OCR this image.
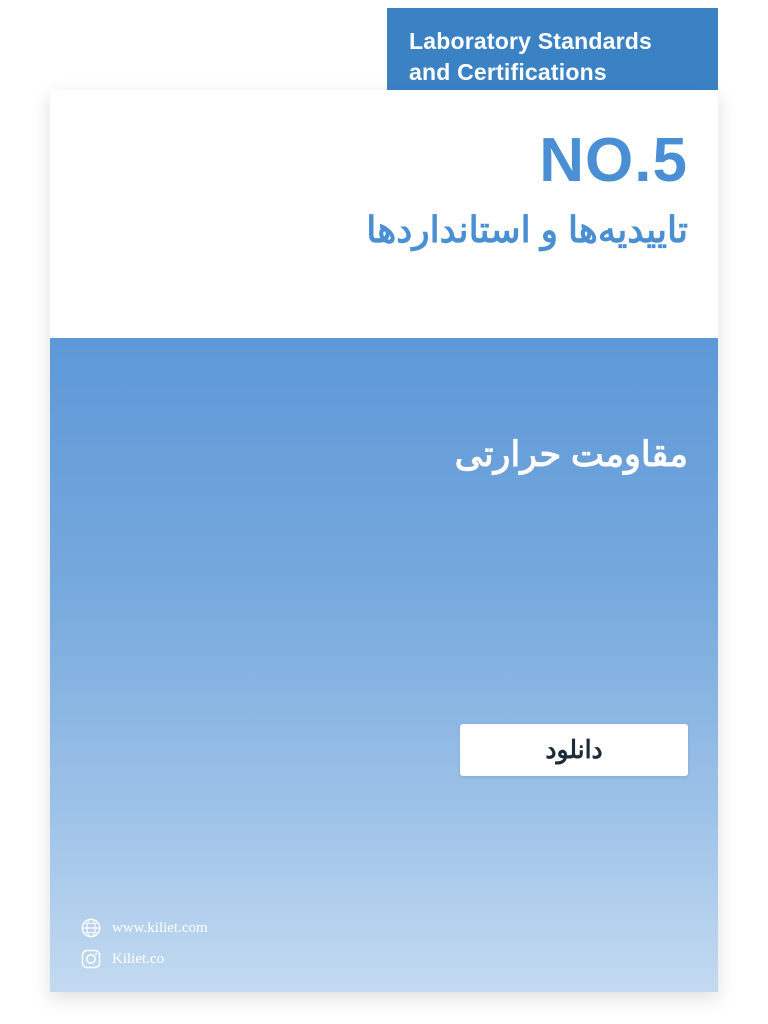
Laboratory Standards
and Certifications
NO.5
تاییدیه‌ها و استانداردها
مقاومت حرارتی
دانلود
www.kiliet.com
Kiliet.co
